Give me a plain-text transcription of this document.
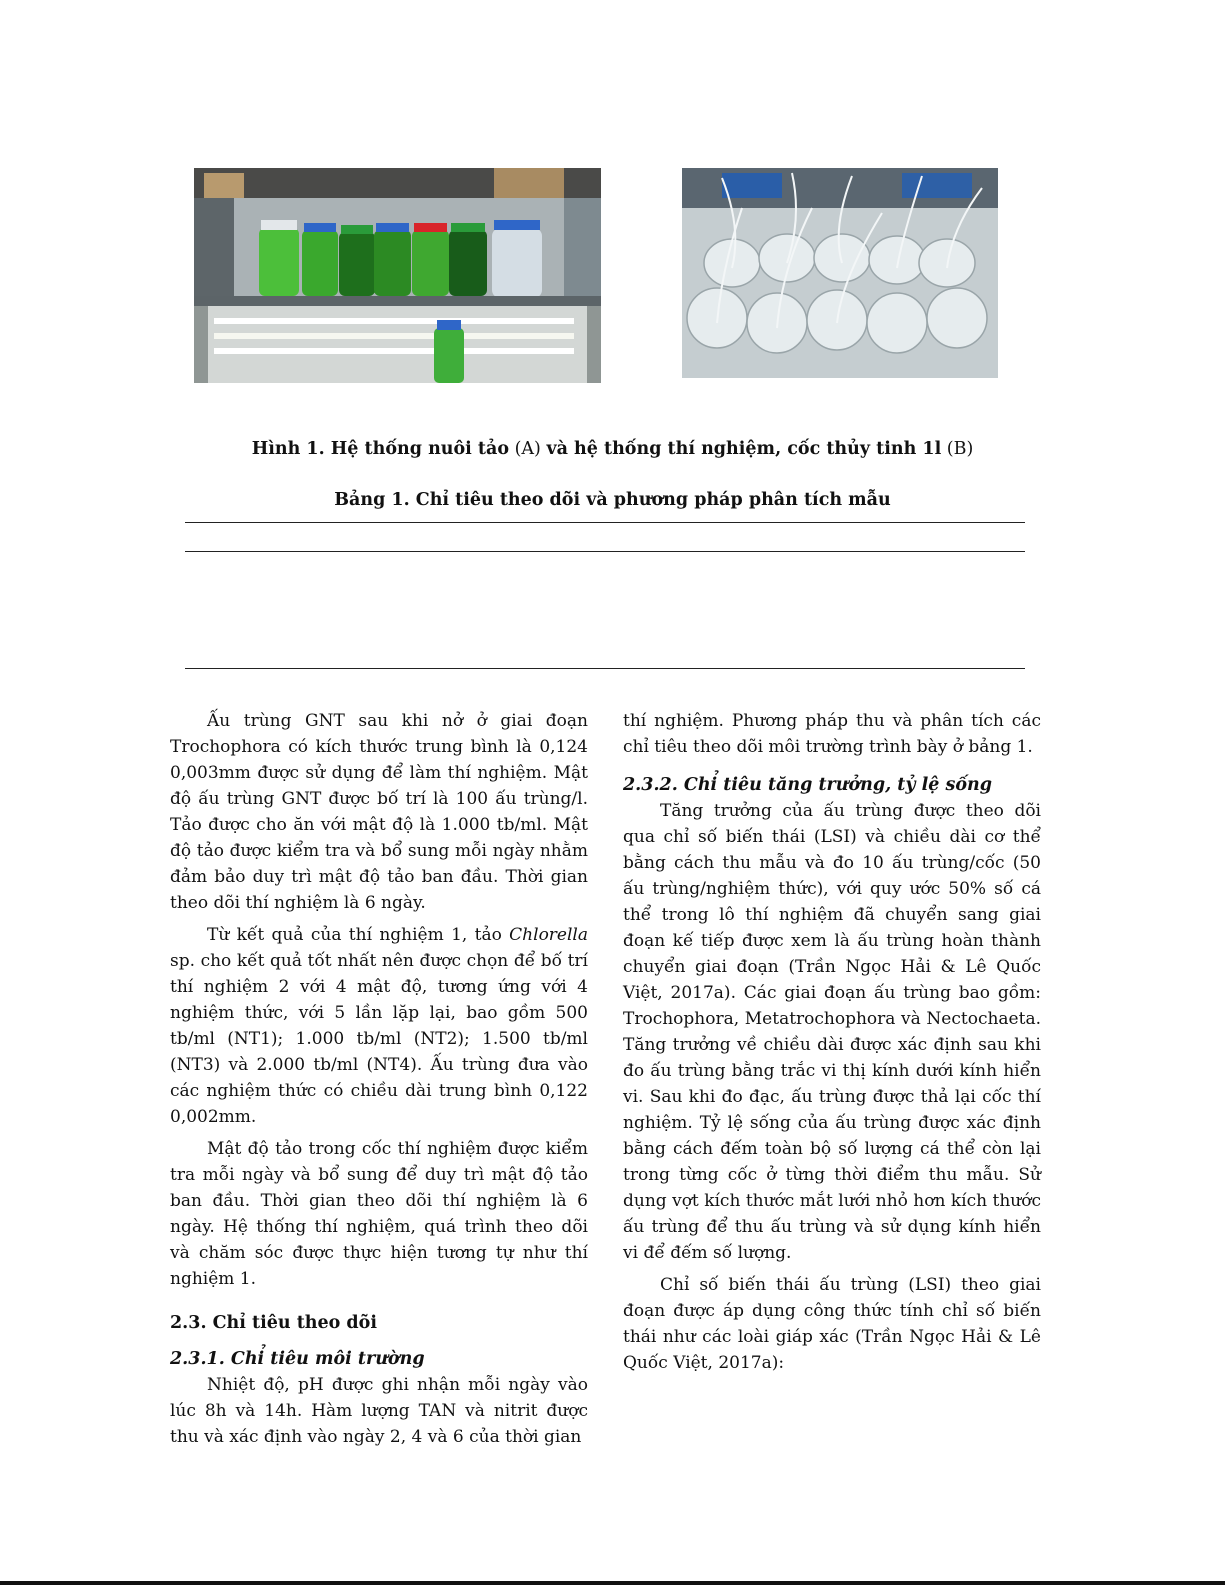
Hình 1. Hệ thống nuôi tảo (A) và hệ thống thí nghiệm, cốc thủy tinh 1l (B)
Bảng 1. Chỉ tiêu theo dõi và phương pháp phân tích mẫu

Ấu trùng GNT sau khi nở ở giai đoạn Trochophora có kích thước trung bình là 0,124 0,003mm được sử dụng để làm thí nghiệm. Mật độ ấu trùng GNT được bố trí là 100 ấu trùng/l. Tảo được cho ăn với mật độ là 1.000 tb/ml. Mật độ tảo được kiểm tra và bổ sung mỗi ngày nhằm đảm bảo duy trì mật độ tảo ban đầu. Thời gian theo dõi thí nghiệm là 6 ngày.

Từ kết quả của thí nghiệm 1, tảo Chlorella sp. cho kết quả tốt nhất nên được chọn để bố trí thí nghiệm 2 với 4 mật độ, tương ứng với 4 nghiệm thức, với 5 lần lặp lại, bao gồm 500 tb/ml (NT1); 1.000 tb/ml (NT2); 1.500 tb/ml (NT3) và 2.000 tb/ml (NT4). Ấu trùng đưa vào các nghiệm thức có chiều dài trung bình 0,122 0,002mm.

Mật độ tảo trong cốc thí nghiệm được kiểm tra mỗi ngày và bổ sung để duy trì mật độ tảo ban đầu. Thời gian theo dõi thí nghiệm là 6 ngày. Hệ thống thí nghiệm, quá trình theo dõi và chăm sóc được thực hiện tương tự như thí nghiệm 1.

2.3. Chỉ tiêu theo dõi
2.3.1. Chỉ tiêu môi trường

Nhiệt độ, pH được ghi nhận mỗi ngày vào lúc 8h và 14h. Hàm lượng TAN và nitrit được thu và xác định vào ngày 2, 4 và 6 của thời gian

thí nghiệm. Phương pháp thu và phân tích các chỉ tiêu theo dõi môi trường trình bày ở bảng 1.

2.3.2. Chỉ tiêu tăng trưởng, tỷ lệ sống

Tăng trưởng của ấu trùng được theo dõi qua chỉ số biến thái (LSI) và chiều dài cơ thể bằng cách thu mẫu và đo 10 ấu trùng/cốc (50 ấu trùng/nghiệm thức), với quy ước 50% số cá thể trong lô thí nghiệm đã chuyển sang giai đoạn kế tiếp được xem là ấu trùng hoàn thành chuyển giai đoạn (Trần Ngọc Hải & Lê Quốc Việt, 2017a). Các giai đoạn ấu trùng bao gồm: Trochophora, Metatrochophora và Nectochaeta. Tăng trưởng về chiều dài được xác định sau khi đo ấu trùng bằng trắc vi thị kính dưới kính hiển vi. Sau khi đo đạc, ấu trùng được thả lại cốc thí nghiệm. Tỷ lệ sống của ấu trùng được xác định bằng cách đếm toàn bộ số lượng cá thể còn lại trong từng cốc ở từng thời điểm thu mẫu. Sử dụng vợt kích thước mắt lưới nhỏ hơn kích thước ấu trùng để thu ấu trùng và sử dụng kính hiển vi để đếm số lượng.

Chỉ số biến thái ấu trùng (LSI) theo giai đoạn được áp dụng công thức tính chỉ số biến thái như các loài giáp xác (Trần Ngọc Hải & Lê Quốc Việt, 2017a):
